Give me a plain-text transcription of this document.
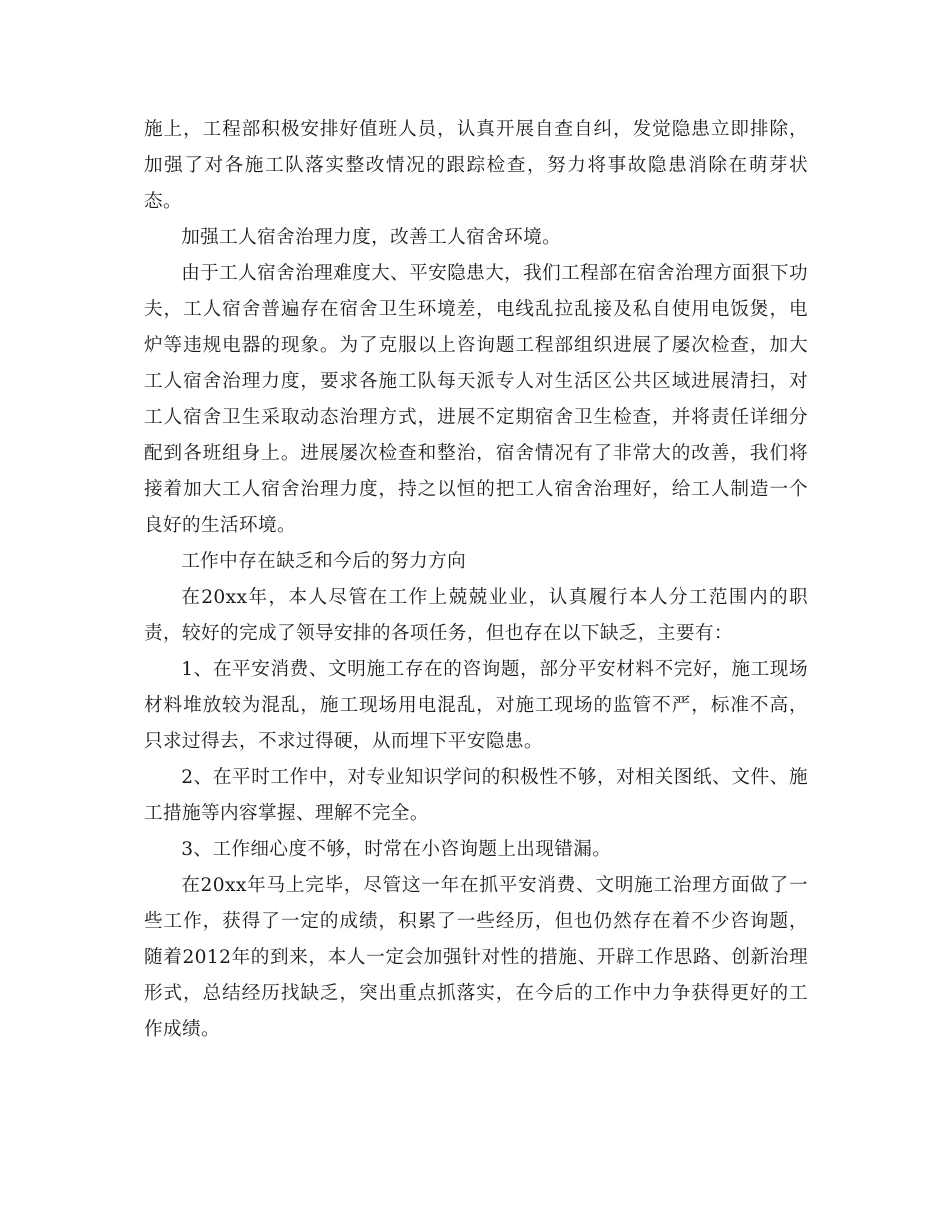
施上，工程部积极安排好值班人员，认真开展自查自纠，发觉隐患立即排除，加强了对各施工队落实整改情况的跟踪检查，努力将事故隐患消除在萌芽状态。

加强工人宿舍治理力度，改善工人宿舍环境。

由于工人宿舍治理难度大、平安隐患大，我们工程部在宿舍治理方面狠下功夫，工人宿舍普遍存在宿舍卫生环境差，电线乱拉乱接及私自使用电饭煲，电炉等违规电器的现象。为了克服以上咨询题工程部组织进展了屡次检查，加大工人宿舍治理力度，要求各施工队每天派专人对生活区公共区域进展清扫，对工人宿舍卫生采取动态治理方式，进展不定期宿舍卫生检查，并将责任详细分配到各班组身上。进展屡次检查和整治，宿舍情况有了非常大的改善，我们将接着加大工人宿舍治理力度，持之以恒的把工人宿舍治理好，给工人制造一个良好的生活环境。

工作中存在缺乏和今后的努力方向

在20xx年，本人尽管在工作上兢兢业业，认真履行本人分工范围内的职责，较好的完成了领导安排的各项任务，但也存在以下缺乏，主要有：

1、在平安消费、文明施工存在的咨询题，部分平安材料不完好，施工现场材料堆放较为混乱，施工现场用电混乱，对施工现场的监管不严，标准不高，只求过得去，不求过得硬，从而埋下平安隐患。

2、在平时工作中，对专业知识学问的积极性不够，对相关图纸、文件、施工措施等内容掌握、理解不完全。

3、工作细心度不够，时常在小咨询题上出现错漏。

在20xx年马上完毕，尽管这一年在抓平安消费、文明施工治理方面做了一些工作，获得了一定的成绩，积累了一些经历，但也仍然存在着不少咨询题，随着2012年的到来，本人一定会加强针对性的措施、开辟工作思路、创新治理形式，总结经历找缺乏，突出重点抓落实，在今后的工作中力争获得更好的工作成绩。
